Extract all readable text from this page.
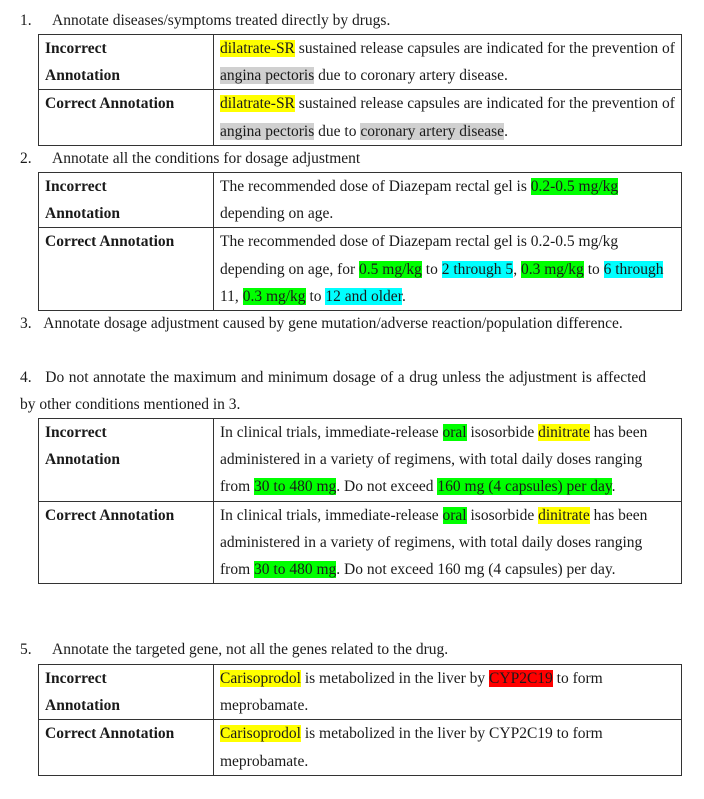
1. Annotate diseases/symptoms treated directly by drugs.
Incorrect
Annotation	dilatrate-SR sustained release capsules are indicated for the prevention of angina pectoris due to coronary artery disease.
Correct Annotation	dilatrate-SR sustained release capsules are indicated for the prevention of angina pectoris due to coronary artery disease.
2. Annotate all the conditions for dosage adjustment
Incorrect
Annotation	The recommended dose of Diazepam rectal gel is 0.2-0.5 mg/kg depending on age.
Correct Annotation	The recommended dose of Diazepam rectal gel is 0.2-0.5 mg/kg depending on age, for 0.5 mg/kg to 2 through 5, 0.3 mg/kg to 6 through 11, 0.3 mg/kg to 12 and older.
3. Annotate dosage adjustment caused by gene mutation/adverse reaction/population difference.
4. Do not annotate the maximum and minimum dosage of a drug unless the adjustment is affected by other conditions mentioned in 3.
Incorrect
Annotation	In clinical trials, immediate-release oral isosorbide dinitrate has been administered in a variety of regimens, with total daily doses ranging from 30 to 480 mg. Do not exceed 160 mg (4 capsules) per day.
Correct Annotation	In clinical trials, immediate-release oral isosorbide dinitrate has been administered in a variety of regimens, with total daily doses ranging from 30 to 480 mg. Do not exceed 160 mg (4 capsules) per day.
5. Annotate the targeted gene, not all the genes related to the drug.
Incorrect
Annotation	Carisoprodol is metabolized in the liver by CYP2C19 to form meprobamate.
Correct Annotation	Carisoprodol is metabolized in the liver by CYP2C19 to form meprobamate.
